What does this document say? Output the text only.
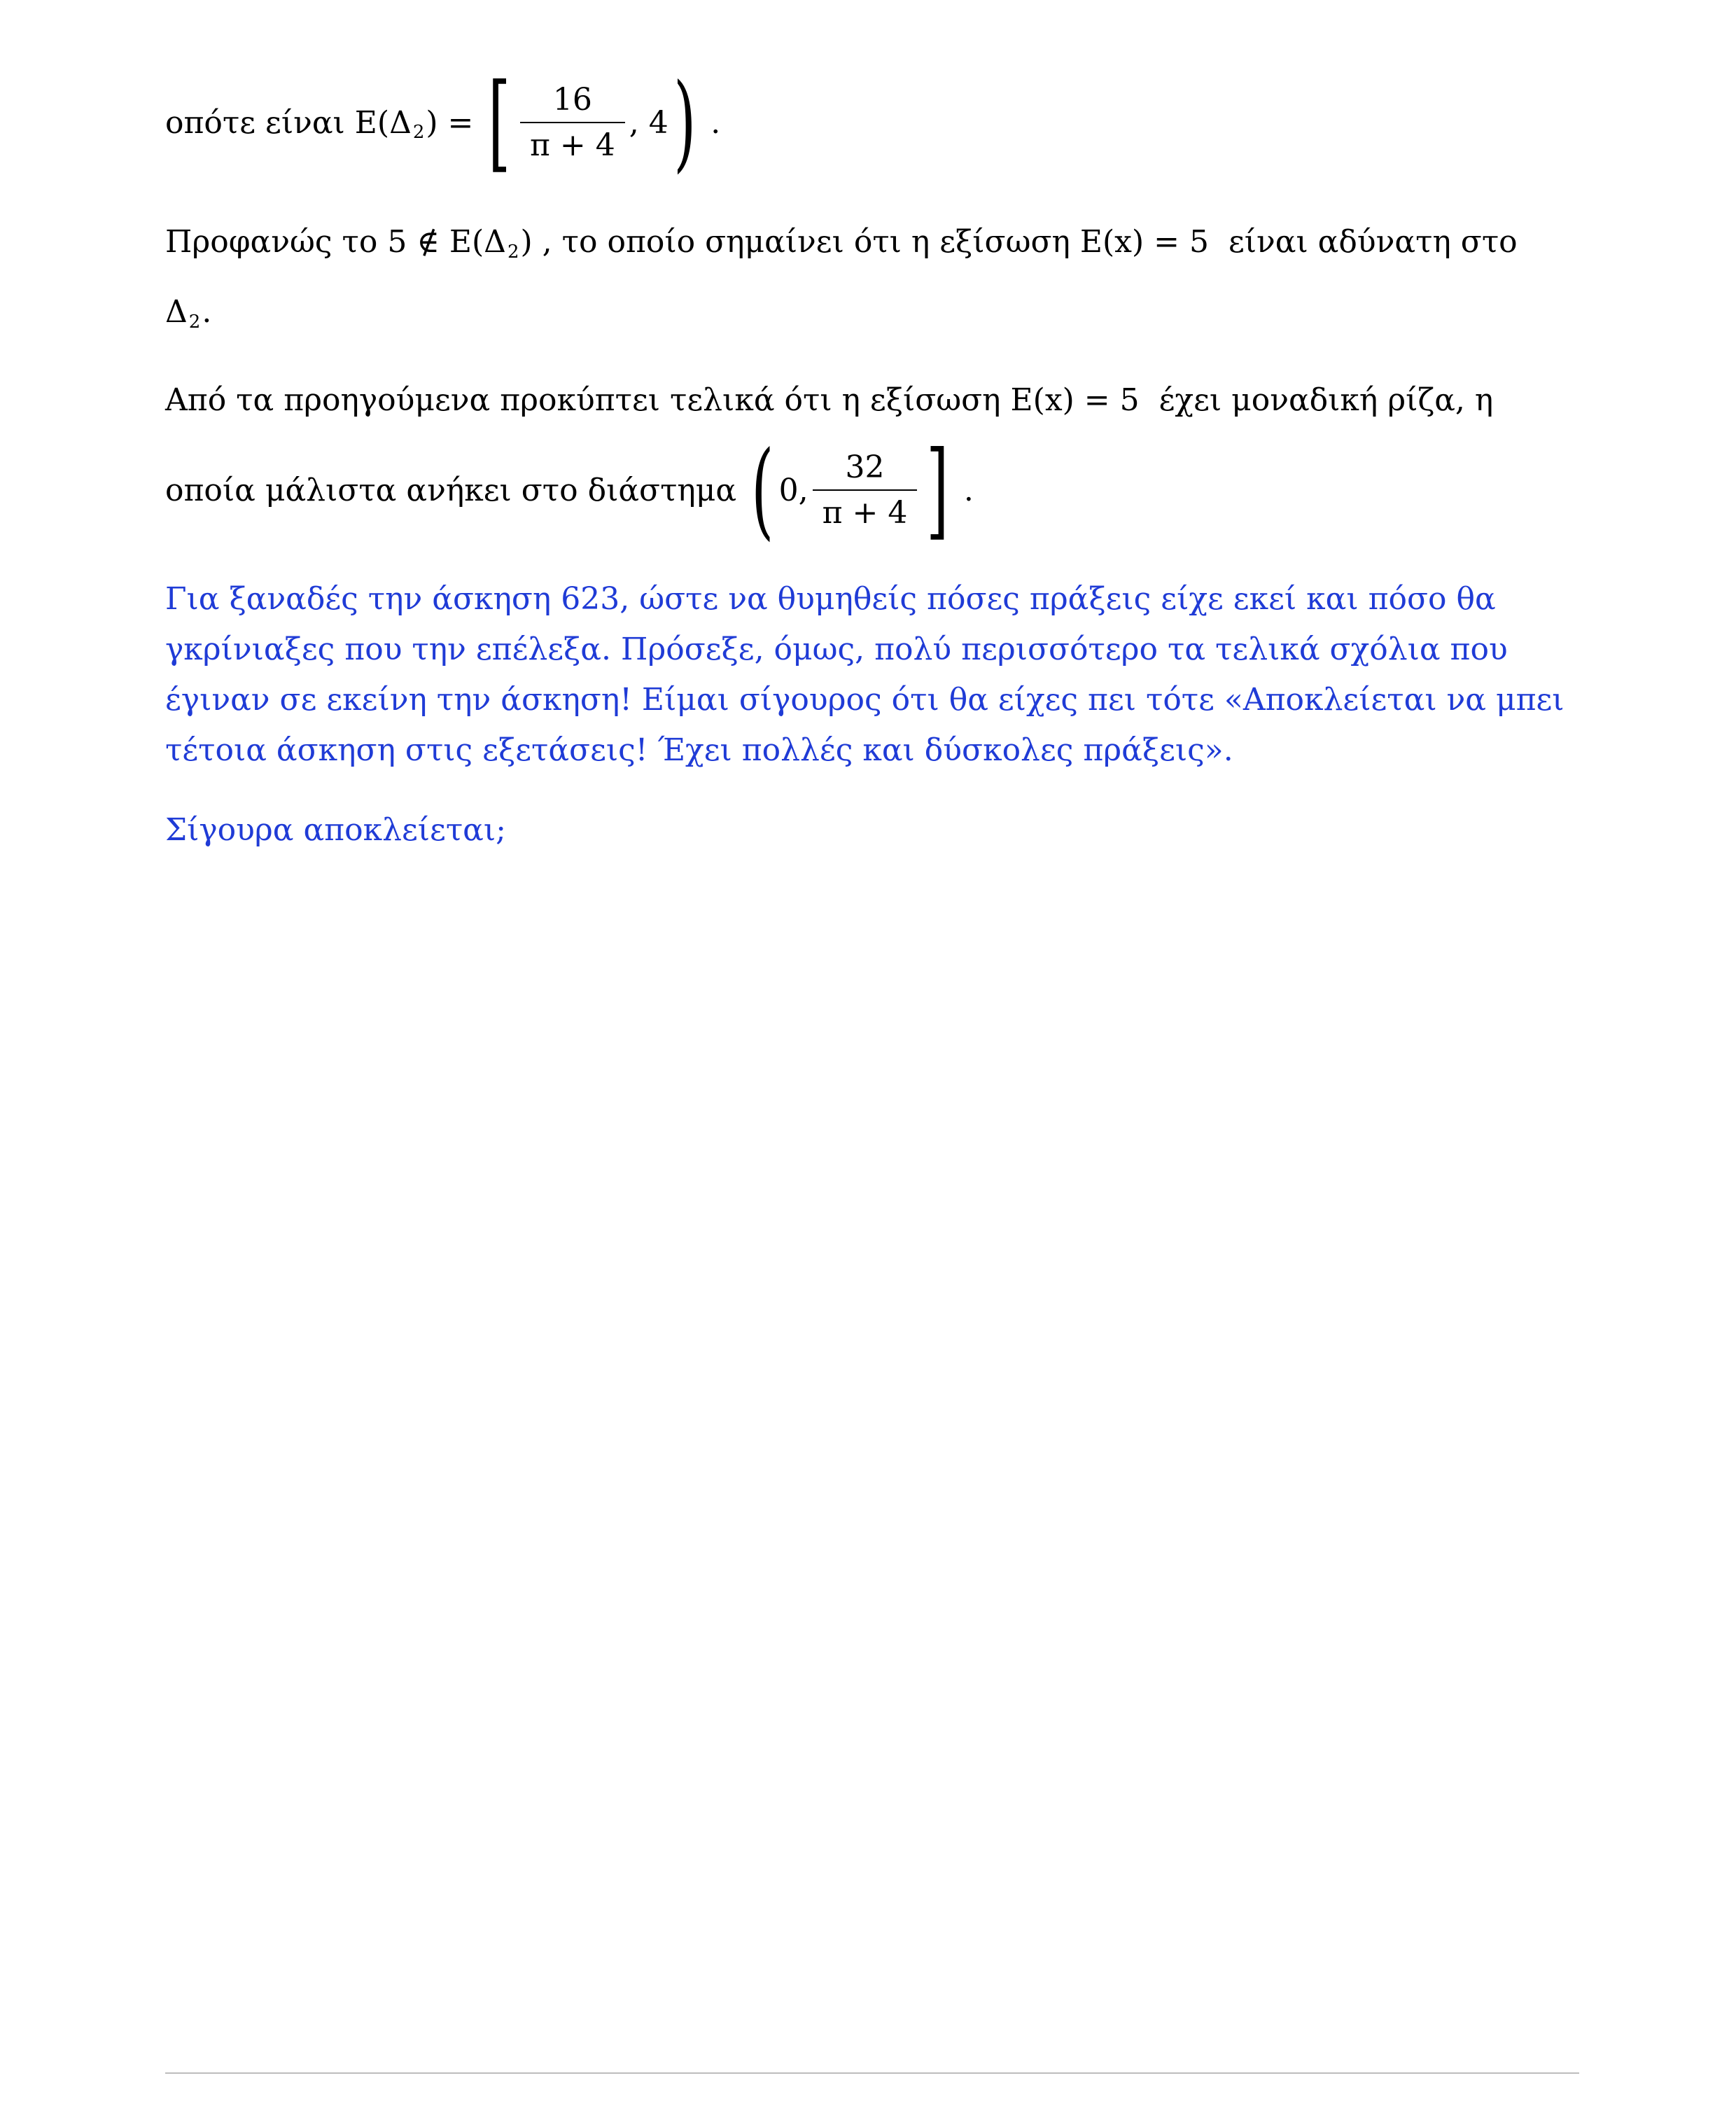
οπότε είναι
E(Δ 2 ) =
[ $\frac{16}{\pi + 4}$ ,
4 )
.
Προφανώς το
5 ∉ E(Δ 2 )
, το οποίο σημαίνει ότι η εξίσωση
E(x) = 5
είναι αδύνατη στο
Δ 2 .
Από τα προηγούμενα προκύπτει τελικά ότι η εξίσωση
E(x) = 5
έχει μοναδική ρίζα, η
οποία μάλιστα ανήκει στο διάστημα
( 0, $\frac{32}{\pi + 4}$ ]
.
Για ξαναδές την άσκηση 623, ώστε να θυμηθείς πόσες πράξεις είχε εκεί και πόσο θα γκρίνιαξες που την επέλεξα. Πρόσεξε, όμως, πολύ περισσότερο τα τελικά σχόλια που έγιναν σε εκείνη την άσκηση! Είμαι σίγουρος ότι θα είχες πει τότε «Αποκλείεται να μπει τέτοια άσκηση στις εξετάσεις! Έχει πολλές και δύσκολες πράξεις».
Σίγουρα αποκλείεται;
